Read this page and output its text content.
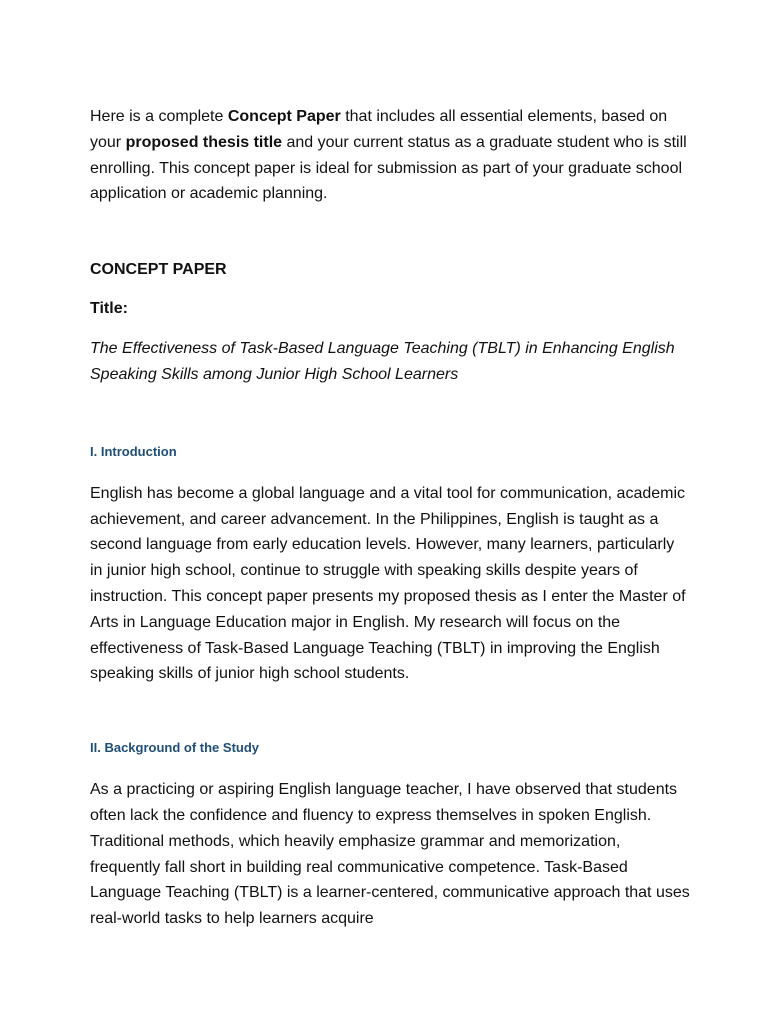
Here is a complete Concept Paper that includes all essential elements, based on your proposed thesis title and your current status as a graduate student who is still enrolling. This concept paper is ideal for submission as part of your graduate school application or academic planning.

CONCEPT PAPER

Title:

The Effectiveness of Task-Based Language Teaching (TBLT) in Enhancing English Speaking Skills among Junior High School Learners

I. Introduction

English has become a global language and a vital tool for communication, academic achievement, and career advancement. In the Philippines, English is taught as a second language from early education levels. However, many learners, particularly in junior high school, continue to struggle with speaking skills despite years of instruction. This concept paper presents my proposed thesis as I enter the Master of Arts in Language Education major in English. My research will focus on the effectiveness of Task-Based Language Teaching (TBLT) in improving the English speaking skills of junior high school students.

II. Background of the Study

As a practicing or aspiring English language teacher, I have observed that students often lack the confidence and fluency to express themselves in spoken English. Traditional methods, which heavily emphasize grammar and memorization, frequently fall short in building real communicative competence. Task-Based Language Teaching (TBLT) is a learner-centered, communicative approach that uses real-world tasks to help learners acquire
